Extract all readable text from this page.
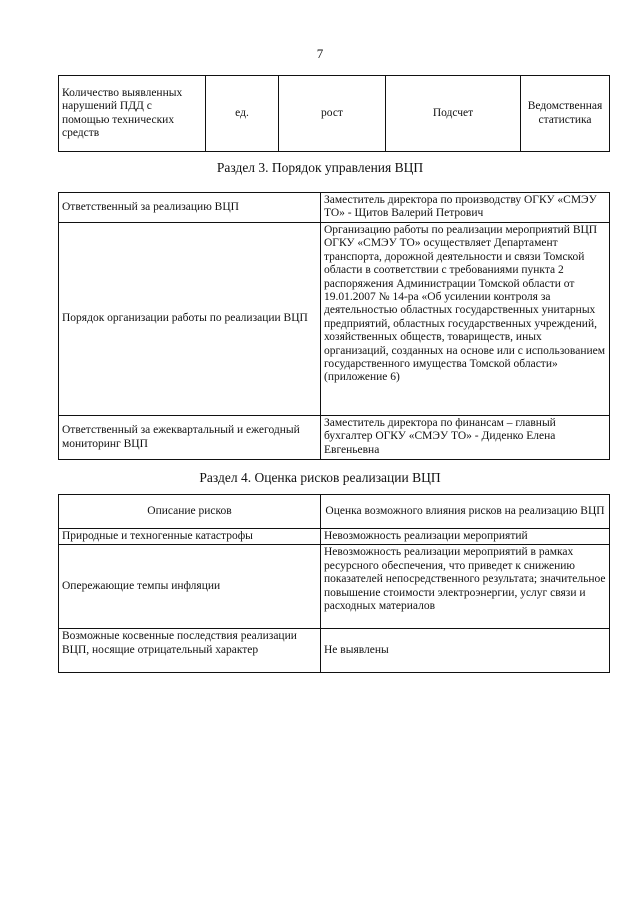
7
Количество выявленных нарушений ПДД с помощью технических средств	ед.	рост	Подсчет	Ведомственная статистика
Раздел 3. Порядок управления ВЦП
Ответственный за реализацию ВЦП	Заместитель директора по производству ОГКУ «СМЭУ ТО» - Щитов Валерий Петрович
Порядок организации работы по реализации ВЦП	Организацию работы по реализации мероприятий ВЦП ОГКУ «СМЭУ ТО» осуществляет Департамент транспорта, дорожной деятельности и связи Томской области в соответствии с требованиями пункта 2 распоряжения Администрации Томской области от 19.01.2007 № 14-ра «Об усилении контроля за деятельностью областных государственных унитарных предприятий, областных государственных учреждений, хозяйственных обществ, товариществ, иных организаций, созданных на основе или с использованием государственного имущества Томской области» (приложение 6)
Ответственный за ежеквартальный и ежегодный мониторинг ВЦП	Заместитель директора по финансам – главный бухгалтер ОГКУ «СМЭУ ТО» - Диденко Елена Евгеньевна
Раздел 4. Оценка рисков реализации ВЦП
Описание рисков	Оценка возможного влияния рисков на реализацию ВЦП
Природные и техногенные катастрофы	Невозможность реализации мероприятий
Опережающие темпы инфляции	Невозможность реализации мероприятий в рамках ресурсного обеспечения, что приведет к снижению показателей непосредственного результата; значительное повышение стоимости электроэнергии, услуг связи и расходных материалов
Возможные косвенные последствия реализации ВЦП, носящие отрицательный характер	Не выявлены
